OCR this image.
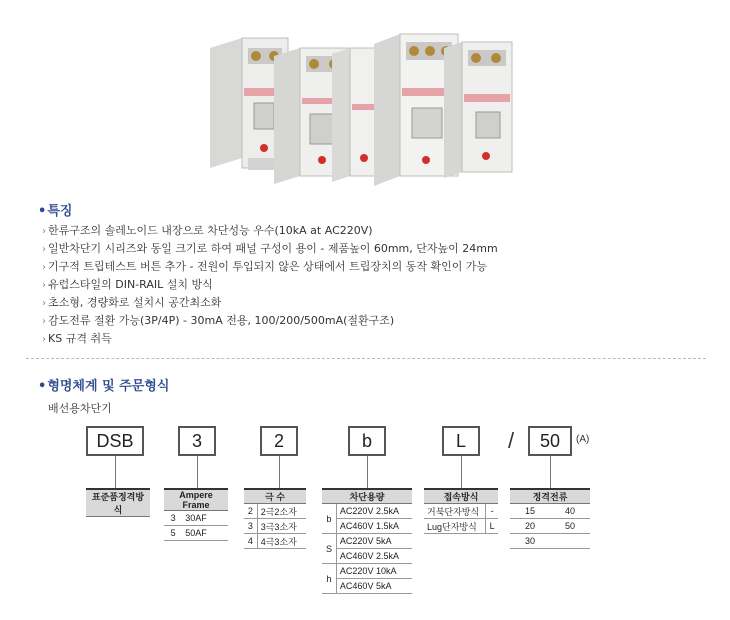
•특징
› 한류구조의 솔레노이드 내장으로 차단성능 우수(10kA at AC220V)
› 일반차단기 시리즈와 동일 크기로 하여 패널 구성이 용이 - 제품높이 60mm, 단자높이 24mm
› 기구적 트립테스트 버튼 추가 - 전원이 투입되지 않은 상태에서 트립장치의 동작 확인이 가능
› 유럽스타일의 DIN-RAIL 설치 방식
› 초소형, 경량화로 설치시 공간최소화
› 감도전류 절환 가능(3P/4P) - 30mA 전용, 100/200/500mA(절환구조)
› KS 규격 취득
•형명체계 및 주문형식
배선용차단기
DSB	3	2	b	L	/	50	(A)
표준품정격방식
Ampere Frame	
3	30AF
5	50AF
극 수	
2	2극2소자
3	3극3소자
4	4극3소자
차단용량	
b	AC220V 2.5kA
	AC460V 1.5kA
S	AC220V 5kA
	AC460V 2.5kA
h	AC220V 10kA
	AC460V 5kA
접속방식	
거북단자방식	-
Lug단자방식	L
정격전류	
15	40
20	50
30	
